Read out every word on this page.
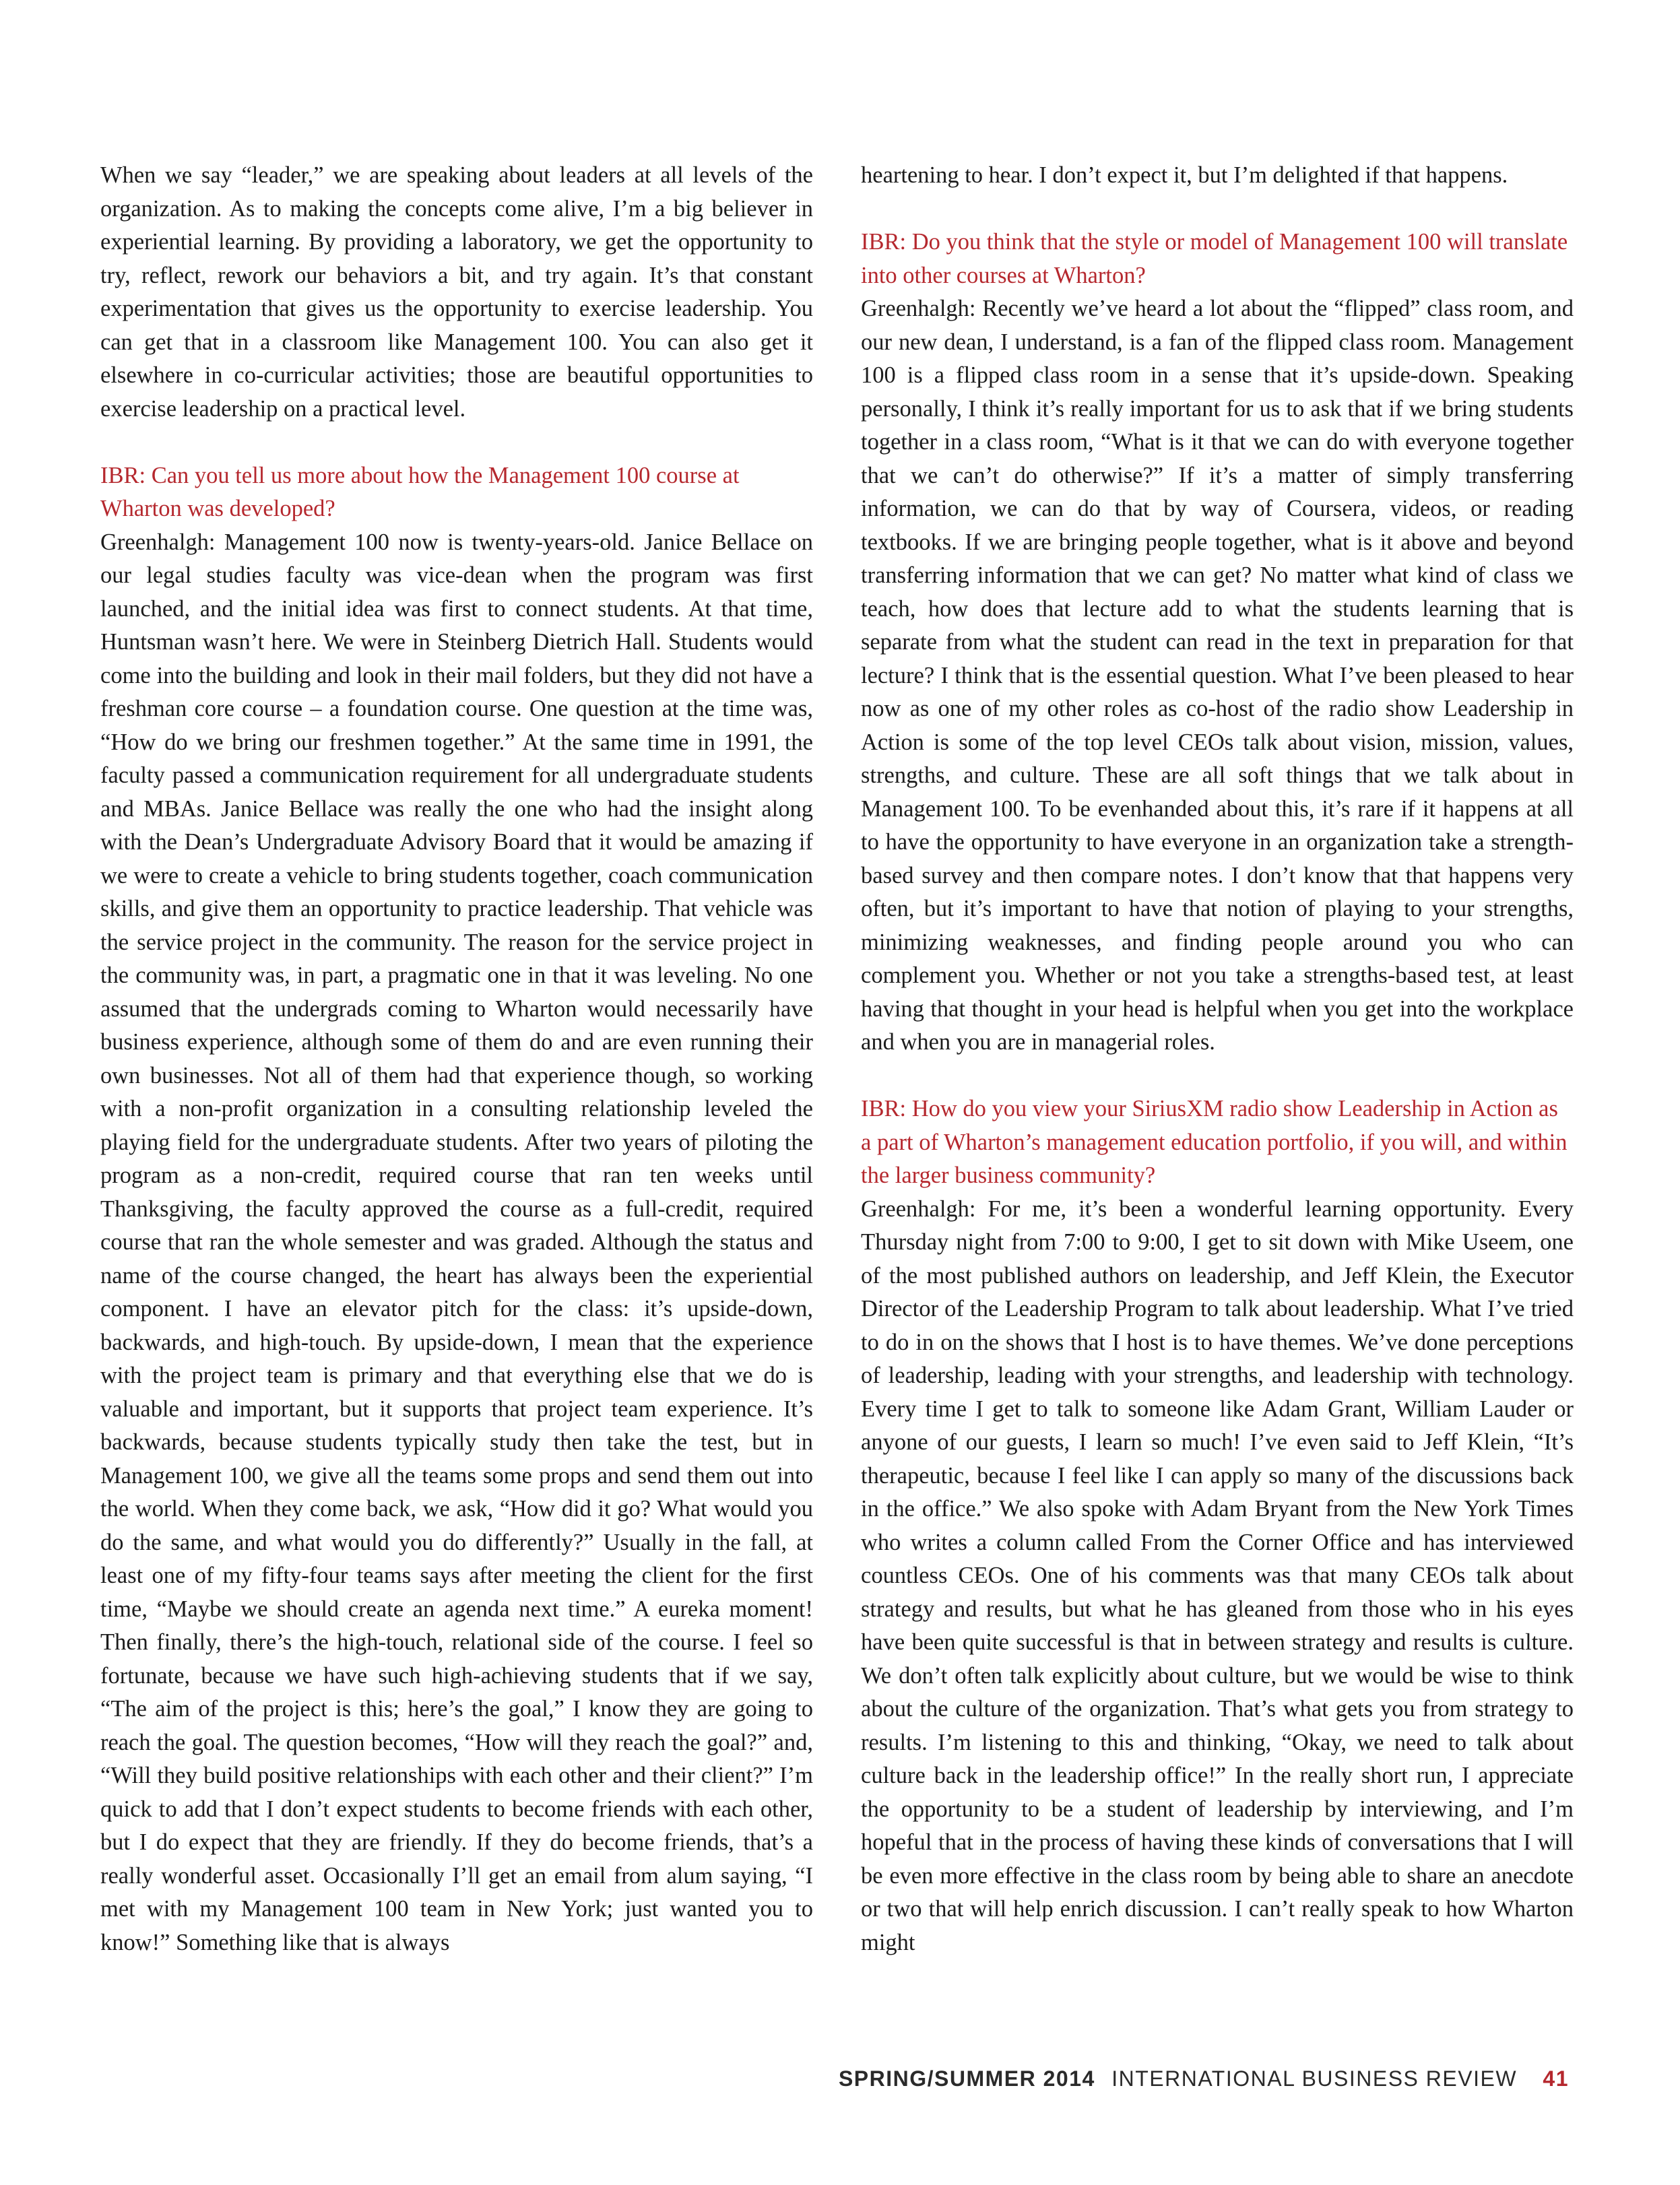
When we say “leader,” we are speaking about leaders at all levels of the organization. As to making the concepts come alive, I’m a big believer in experiential learning. By providing a laboratory, we get the opportunity to try, reflect, rework our behaviors a bit, and try again. It’s that constant experimentation that gives us the opportunity to exercise leadership. You can get that in a classroom like Management 100. You can also get it elsewhere in co-curricular activities; those are beautiful opportunities to exercise leadership on a practical level.

IBR: Can you tell us more about how the Management 100 course at Wharton was developed?

Greenhalgh: Management 100 now is twenty-years-old. Janice Bellace on our legal studies faculty was vice-dean when the program was first launched, and the initial idea was first to connect students. At that time, Huntsman wasn’t here. We were in Steinberg Dietrich Hall. Students would come into the building and look in their mail folders, but they did not have a freshman core course – a foundation course. One question at the time was, “How do we bring our freshmen together.” At the same time in 1991, the faculty passed a communication requirement for all undergraduate students and MBAs. Janice Bellace was really the one who had the insight along with the Dean’s Undergraduate Advisory Board that it would be amazing if we were to create a vehicle to bring students together, coach communication skills, and give them an opportunity to practice leadership. That vehicle was the service project in the community. The reason for the service project in the community was, in part, a pragmatic one in that it was leveling. No one assumed that the undergrads coming to Wharton would necessarily have business experience, although some of them do and are even running their own businesses. Not all of them had that experience though, so working with a non-profit organization in a consulting relationship leveled the playing field for the undergraduate students. After two years of piloting the program as a non-credit, required course that ran ten weeks until Thanksgiving, the faculty approved the course as a full-credit, required course that ran the whole semester and was graded. Although the status and name of the course changed, the heart has always been the experiential component. I have an elevator pitch for the class: it’s upside-down, backwards, and high-touch. By upside-down, I mean that the experience with the project team is primary and that everything else that we do is valuable and important, but it supports that project team experience. It’s backwards, because students typically study then take the test, but in Management 100, we give all the teams some props and send them out into the world. When they come back, we ask, “How did it go? What would you do the same, and what would you do differently?” Usually in the fall, at least one of my fifty-four teams says after meeting the client for the first time, “Maybe we should create an agenda next time.” A eureka moment! Then finally, there’s the high-touch, relational side of the course. I feel so fortunate, because we have such high-achieving students that if we say, “The aim of the project is this; here’s the goal,” I know they are going to reach the goal. The question becomes, “How will they reach the goal?” and, “Will they build positive relationships with each other and their client?” I’m quick to add that I don’t expect students to become friends with each other, but I do expect that they are friendly. If they do become friends, that’s a really wonderful asset. Occasionally I’ll get an email from alum saying, “I met with my Management 100 team in New York; just wanted you to know!” Something like that is always

heartening to hear. I don’t expect it, but I’m delighted if that happens.

IBR: Do you think that the style or model of Management 100 will translate into other courses at Wharton?

Greenhalgh: Recently we’ve heard a lot about the “flipped” class room, and our new dean, I understand, is a fan of the flipped class room. Management 100 is a flipped class room in a sense that it’s upside-down. Speaking personally, I think it’s really important for us to ask that if we bring students together in a class room, “What is it that we can do with everyone together that we can’t do otherwise?” If it’s a matter of simply transferring information, we can do that by way of Coursera, videos, or reading textbooks. If we are bringing people together, what is it above and beyond transferring information that we can get? No matter what kind of class we teach, how does that lecture add to what the students learning that is separate from what the student can read in the text in preparation for that lecture? I think that is the essential question. What I’ve been pleased to hear now as one of my other roles as co-host of the radio show Leadership in Action is some of the top level CEOs talk about vision, mission, values, strengths, and culture. These are all soft things that we talk about in Management 100. To be evenhanded about this, it’s rare if it happens at all to have the opportunity to have everyone in an organization take a strength-based survey and then compare notes. I don’t know that that happens very often, but it’s important to have that notion of playing to your strengths, minimizing weaknesses, and finding people around you who can complement you. Whether or not you take a strengths-based test, at least having that thought in your head is helpful when you get into the workplace and when you are in managerial roles.

IBR: How do you view your SiriusXM radio show Leadership in Action as a part of Wharton’s management education portfolio, if you will, and within the larger business community?

Greenhalgh: For me, it’s been a wonderful learning opportunity. Every Thursday night from 7:00 to 9:00, I get to sit down with Mike Useem, one of the most published authors on leadership, and Jeff Klein, the Executor Director of the Leadership Program to talk about leadership. What I’ve tried to do in on the shows that I host is to have themes. We’ve done perceptions of leadership, leading with your strengths, and leadership with technology. Every time I get to talk to someone like Adam Grant, William Lauder or anyone of our guests, I learn so much! I’ve even said to Jeff Klein, “It’s therapeutic, because I feel like I can apply so many of the discussions back in the office.” We also spoke with Adam Bryant from the New York Times who writes a column called From the Corner Office and has interviewed countless CEOs. One of his comments was that many CEOs talk about strategy and results, but what he has gleaned from those who in his eyes have been quite successful is that in between strategy and results is culture. We don’t often talk explicitly about culture, but we would be wise to think about the culture of the organization. That’s what gets you from strategy to results. I’m listening to this and thinking, “Okay, we need to talk about culture back in the leadership office!” In the really short run, I appreciate the opportunity to be a student of leadership by interviewing, and I’m hopeful that in the process of having these kinds of conversations that I will be even more effective in the class room by being able to share an anecdote or two that will help enrich discussion. I can’t really speak to how Wharton might

SPRING/SUMMER 2014 INTERNATIONAL BUSINESS REVIEW 41
